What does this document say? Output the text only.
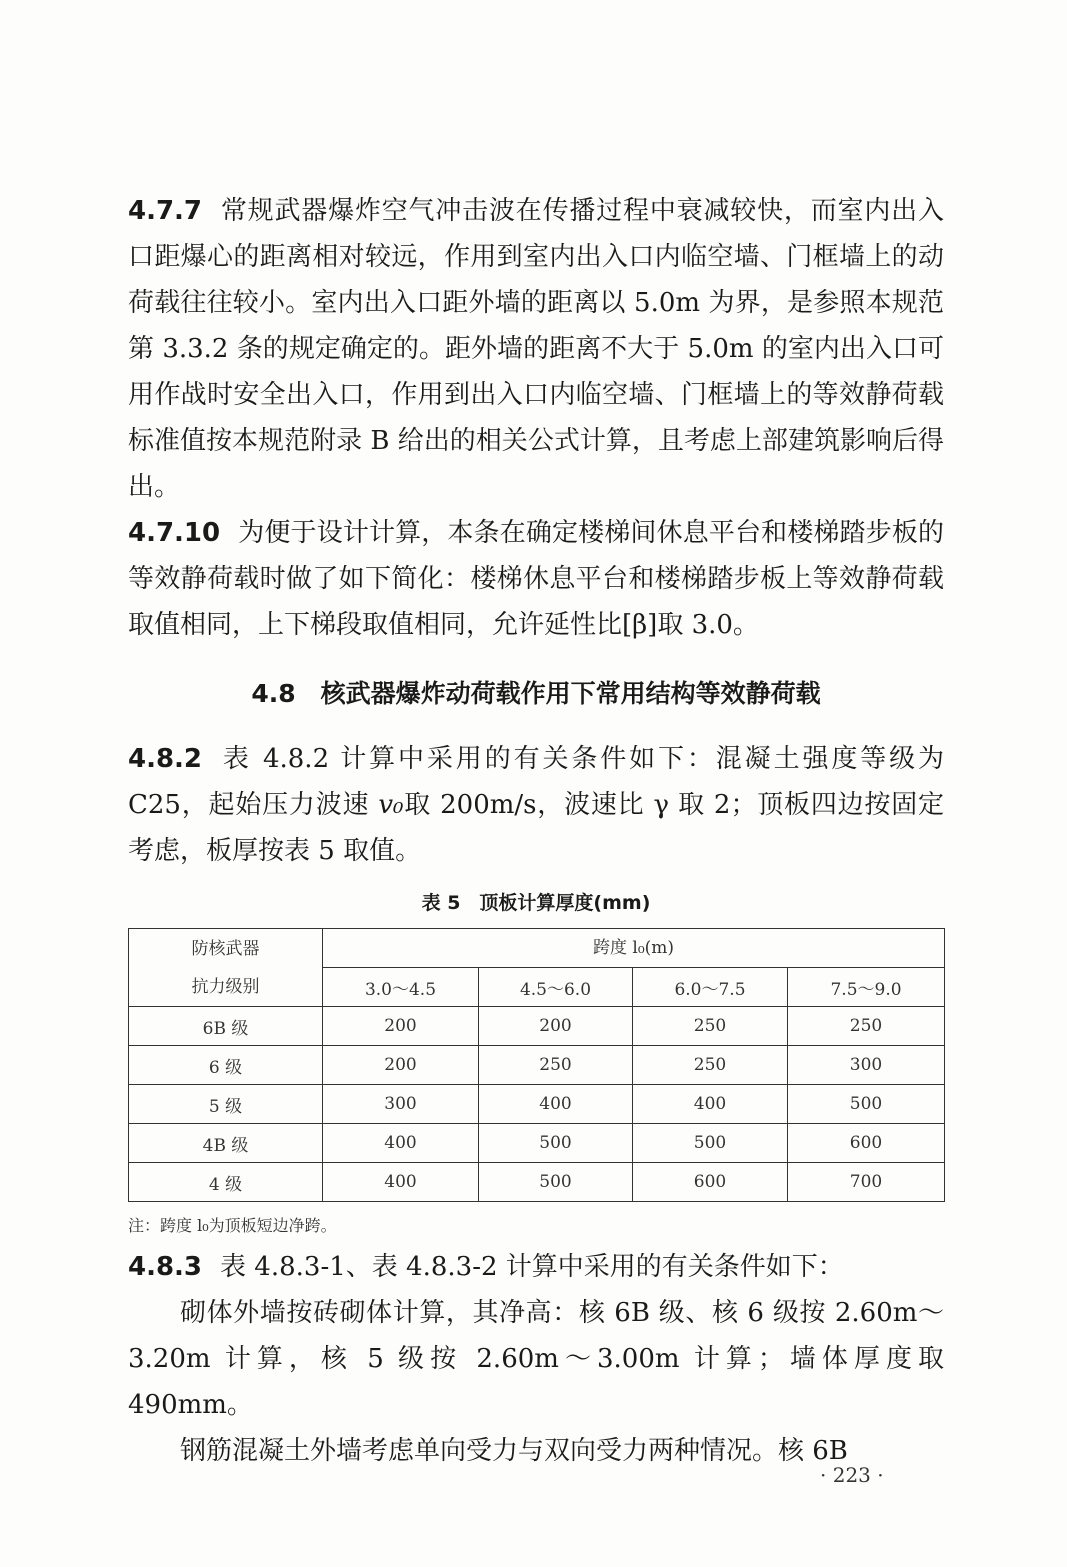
4.7.7 常规武器爆炸空气冲击波在传播过程中衰减较快，而室内出入口距爆心的距离相对较远，作用到室内出入口内临空墙、门框墙上的动荷载往往较小。室内出入口距外墙的距离以 5.0m 为界，是参照本规范第 3.3.2 条的规定确定的。距外墙的距离不大于 5.0m 的室内出入口可用作战时安全出入口，作用到出入口内临空墙、门框墙上的等效静荷载标准值按本规范附录 B 给出的相关公式计算，且考虑上部建筑影响后得出。

4.7.10 为便于设计计算，本条在确定楼梯间休息平台和楼梯踏步板的等效静荷载时做了如下简化：楼梯休息平台和楼梯踏步板上等效静荷载取值相同，上下梯段取值相同，允许延性比[β]取 3.0。

4.8　核武器爆炸动荷载作用下常用结构等效静荷载

4.8.2 表 4.8.2 计算中采用的有关条件如下：混凝土强度等级为 C25，起始压力波速 v₀取 200m/s，波速比 γ 取 2；顶板四边按固定考虑，板厚按表 5 取值。

表 5　顶板计算厚度(mm)
防核武器
抗力级别	跨度 l₀(m)			
	3.0～4.5	4.5～6.0	6.0～7.5	7.5～9.0
6B 级	200	200	250	250
6 级	200	250	250	300
5 级	300	400	400	500
4B 级	400	500	500	600
4 级	400	500	600	700
注：跨度 l₀为顶板短边净跨。

4.8.3 表 4.8.3-1、表 4.8.3-2 计算中采用的有关条件如下：

砌体外墙按砖砌体计算，其净高：核 6B 级、核 6 级按 2.60m～3.20m 计算，核 5 级按 2.60m～3.00m 计算；墙体厚度取 490mm。

钢筋混凝土外墙考虑单向受力与双向受力两种情况。核 6B

· 223 ·
